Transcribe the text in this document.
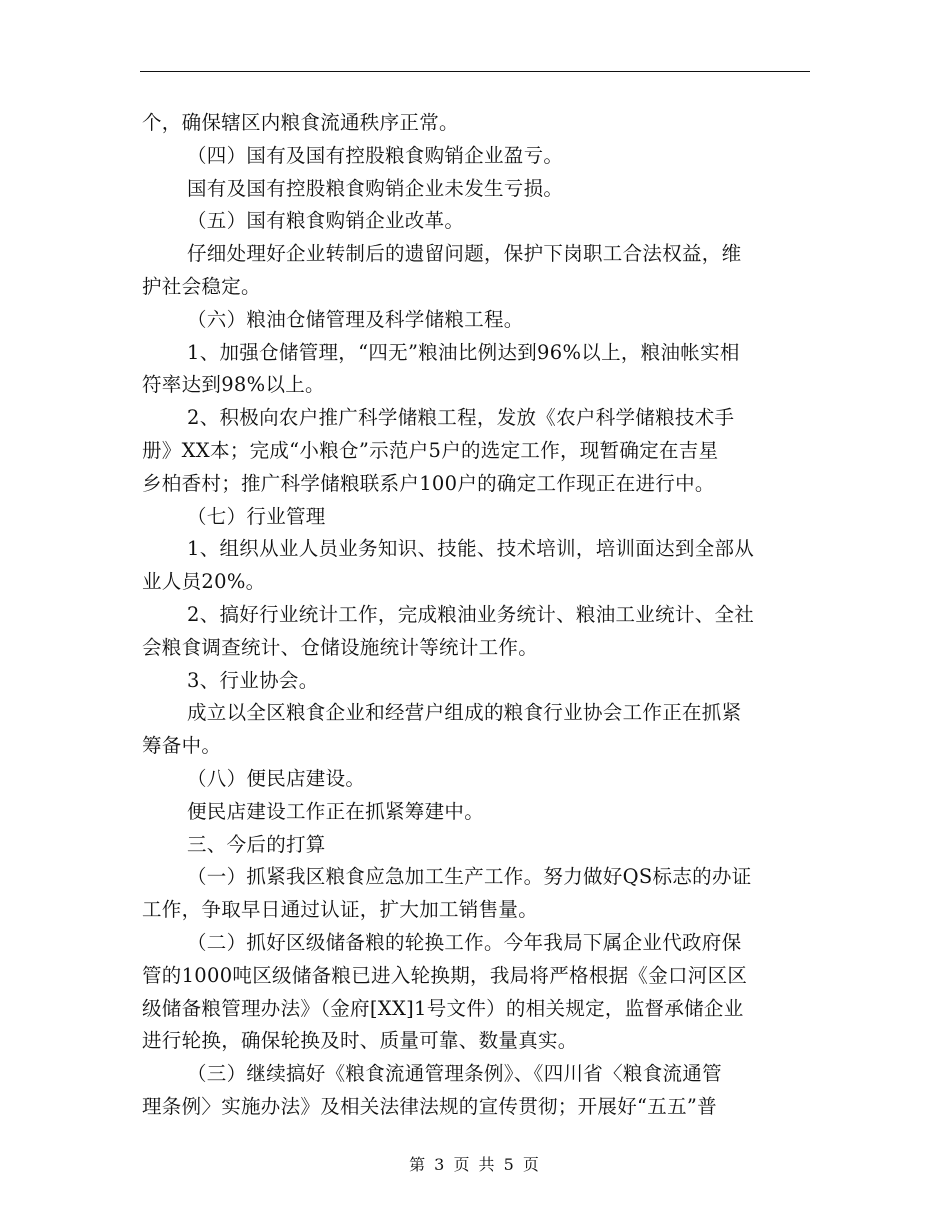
个，确保辖区内粮食流通秩序正常。
（四）国有及国有控股粮食购销企业盈亏。
国有及国有控股粮食购销企业未发生亏损。
（五）国有粮食购销企业改革。
仔细处理好企业转制后的遗留问题，保护下岗职工合法权益，维
护社会稳定。
（六）粮油仓储管理及科学储粮工程。
1、加强仓储管理，“四无”粮油比例达到96%以上，粮油帐实相
符率达到98%以上。
2、积极向农户推广科学储粮工程，发放《农户科学储粮技术手
册》XX本；完成“小粮仓”示范户5户的选定工作，现暂确定在吉星
乡柏香村；推广科学储粮联系户100户的确定工作现正在进行中。
（七）行业管理
1、组织从业人员业务知识、技能、技术培训，培训面达到全部从
业人员20%。
2、搞好行业统计工作，完成粮油业务统计、粮油工业统计、全社
会粮食调查统计、仓储设施统计等统计工作。
3、行业协会。
成立以全区粮食企业和经营户组成的粮食行业协会工作正在抓紧
筹备中。
（八）便民店建设。
便民店建设工作正在抓紧筹建中。
三、今后的打算
（一）抓紧我区粮食应急加工生产工作。努力做好QS标志的办证
工作，争取早日通过认证，扩大加工销售量。
（二）抓好区级储备粮的轮换工作。今年我局下属企业代政府保
管的1000吨区级储备粮已进入轮换期，我局将严格根据《金口河区区
级储备粮管理办法》（金府[XX]1号文件）的相关规定，监督承储企业
进行轮换，确保轮换及时、质量可靠、数量真实。
（三）继续搞好《粮食流通管理条例》、《四川省〈粮食流通管
理条例〉实施办法》及相关法律法规的宣传贯彻；开展好“五五”普
第 3 页 共 5 页
